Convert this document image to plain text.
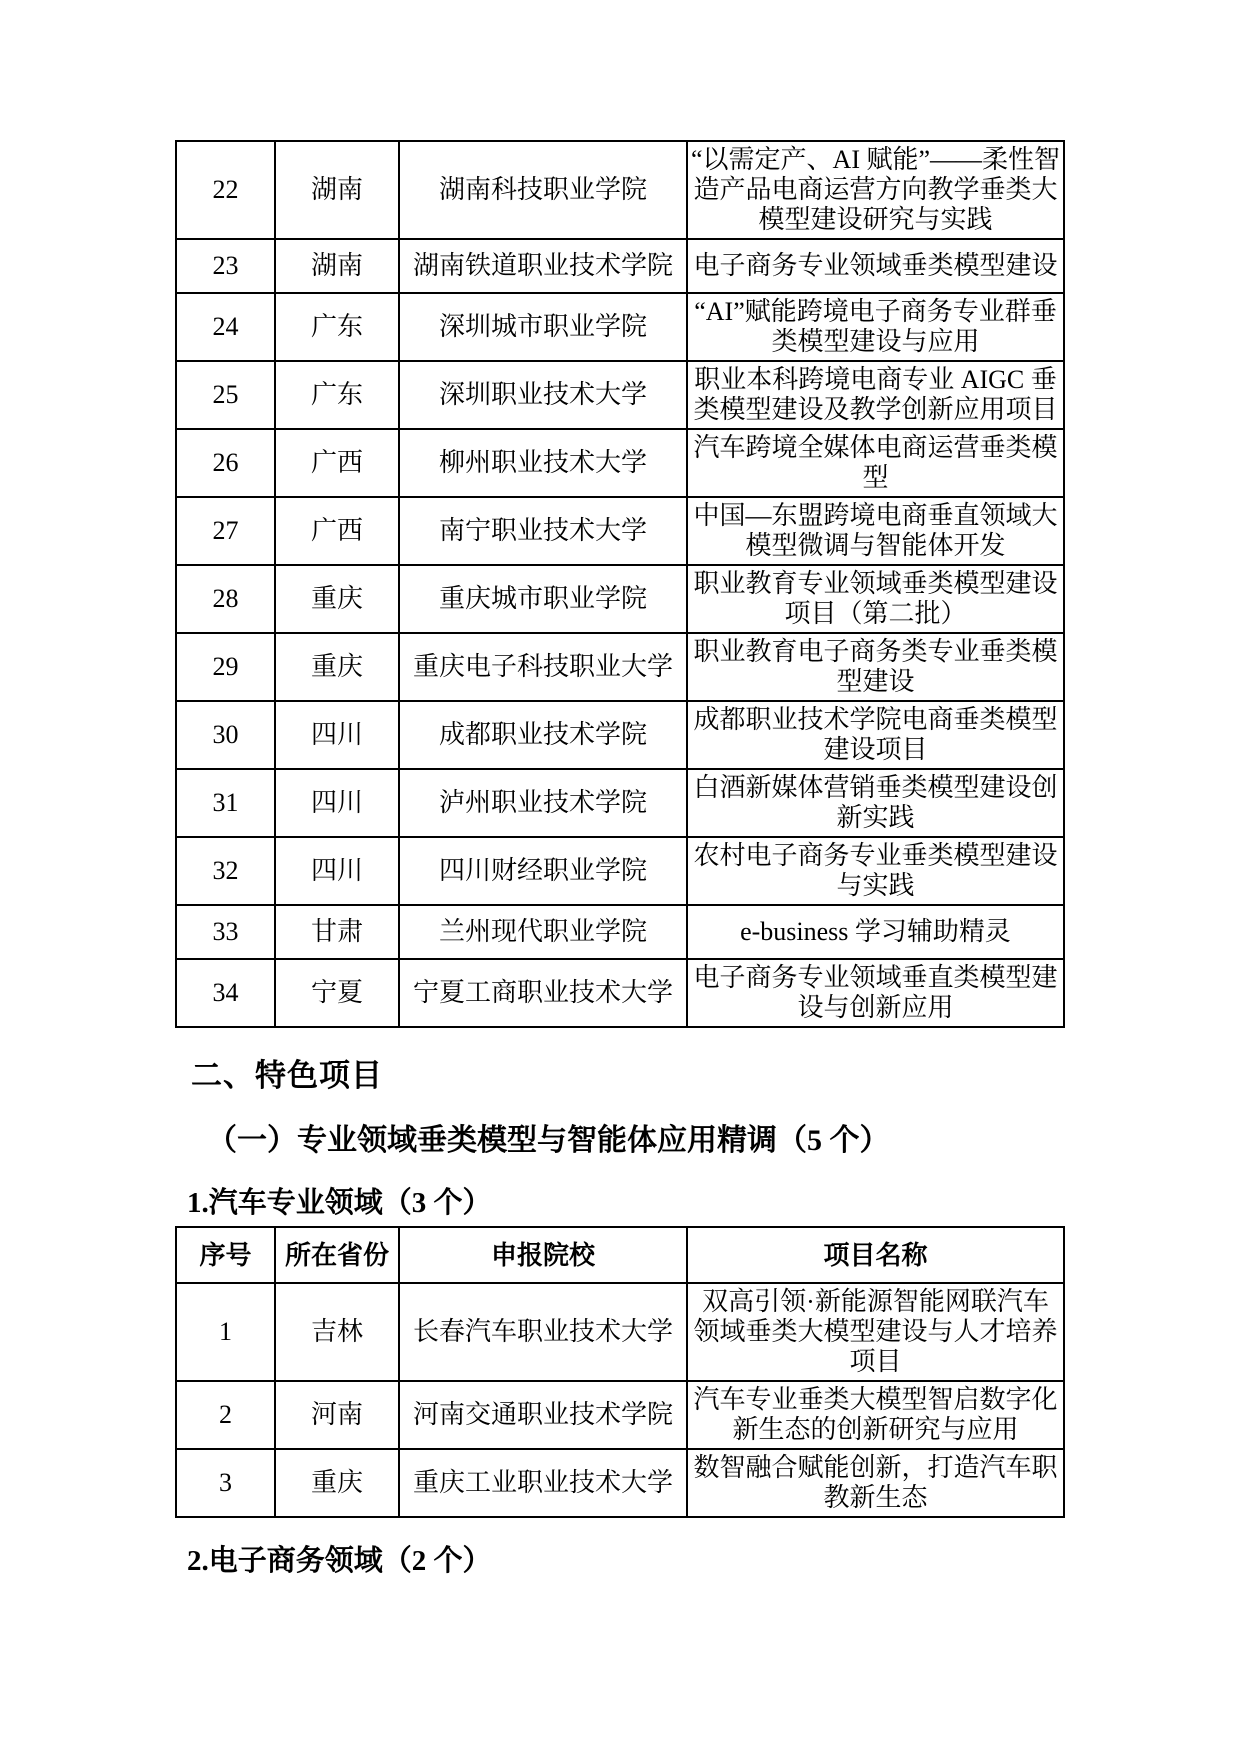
22	湖南	湖南科技职业学院	“以需定产、AI 赋能”——柔性智造产品电商运营方向教学垂类大模型建设研究与实践
23	湖南	湖南铁道职业技术学院	电子商务专业领域垂类模型建设
24	广东	深圳城市职业学院	“AI”赋能跨境电子商务专业群垂类模型建设与应用
25	广东	深圳职业技术大学	职业本科跨境电商专业 AIGC 垂类模型建设及教学创新应用项目
26	广西	柳州职业技术大学	汽车跨境全媒体电商运营垂类模型
27	广西	南宁职业技术大学	中国—东盟跨境电商垂直领域大模型微调与智能体开发
28	重庆	重庆城市职业学院	职业教育专业领域垂类模型建设项目（第二批）
29	重庆	重庆电子科技职业大学	职业教育电子商务类专业垂类模型建设
30	四川	成都职业技术学院	成都职业技术学院电商垂类模型建设项目
31	四川	泸州职业技术学院	白酒新媒体营销垂类模型建设创新实践
32	四川	四川财经职业学院	农村电子商务专业垂类模型建设与实践
33	甘肃	兰州现代职业学院	e-business 学习辅助精灵
34	宁夏	宁夏工商职业技术大学	电子商务专业领域垂直类模型建设与创新应用
二、特色项目
（一）专业领域垂类模型与智能体应用精调（5 个）
1.汽车专业领域（3 个）
序号	所在省份	申报院校	项目名称
1	吉林	长春汽车职业技术大学	双高引领·新能源智能网联汽车领域垂类大模型建设与人才培养项目
2	河南	河南交通职业技术学院	汽车专业垂类大模型智启数字化新生态的创新研究与应用
3	重庆	重庆工业职业技术大学	数智融合赋能创新，打造汽车职教新生态
2.电子商务领域（2 个）
